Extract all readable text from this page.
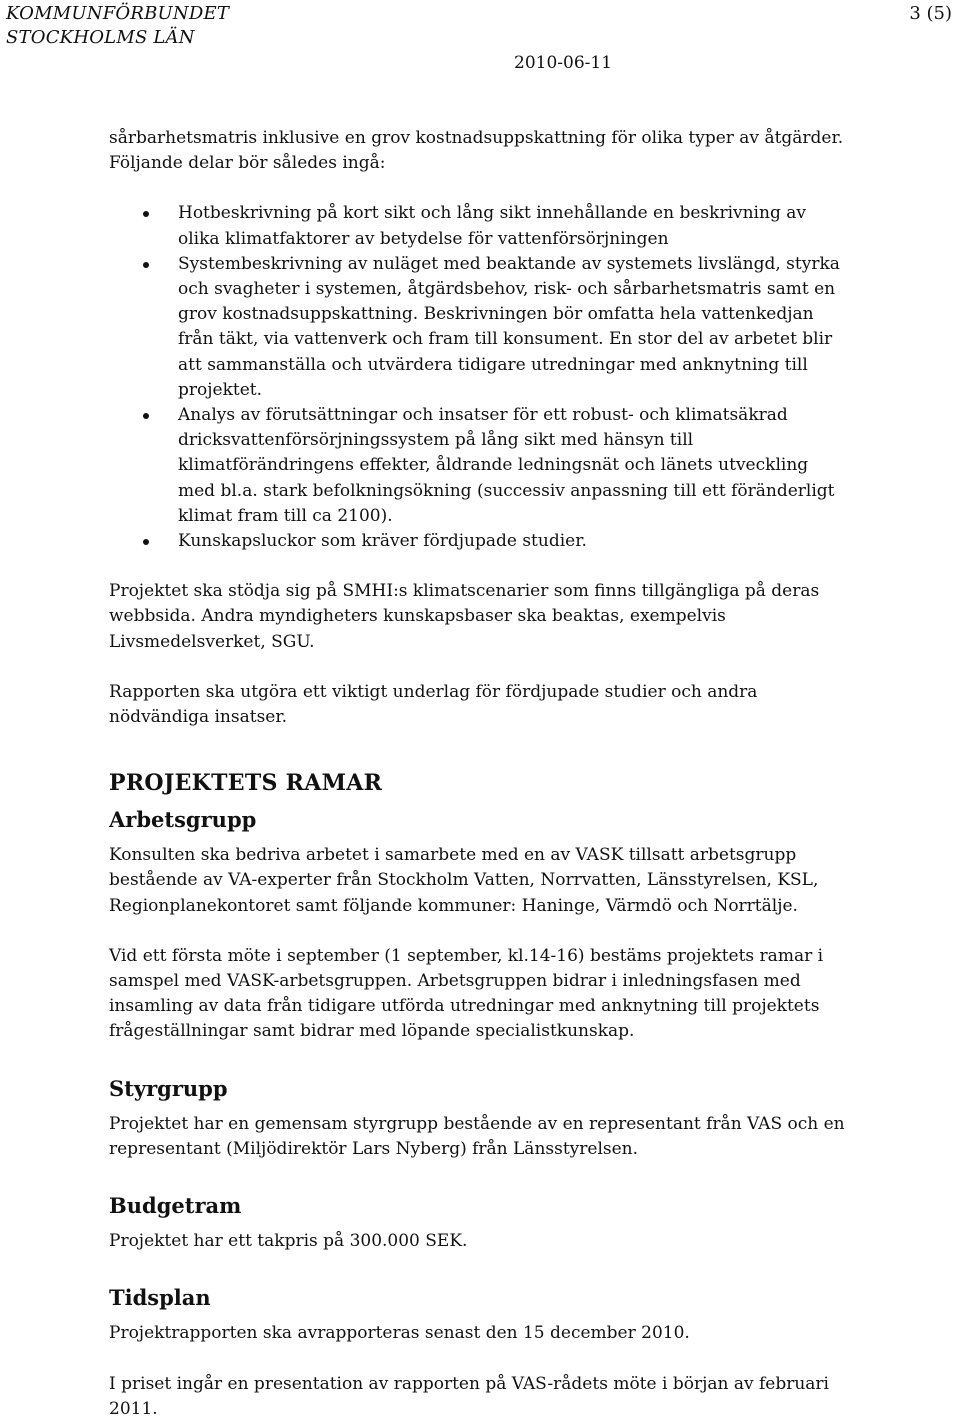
KOMMUNFÖRBUNDET
STOCKHOLMS LÄN
3 (5)
2010-06-11

sårbarhetsmatris inklusive en grov kostnadsuppskattning för olika typer av åtgärder.

Följande delar bör således ingå:

Hotbeskrivning på kort sikt och lång sikt innehållande en beskrivning av olika klimatfaktorer av betydelse för vattenförsörjningen
Systembeskrivning av nuläget med beaktande av systemets livslängd, styrka och svagheter i systemen, åtgärdsbehov, risk- och sårbarhetsmatris samt en grov kostnadsuppskattning. Beskrivningen bör omfatta hela vattenkedjan från täkt, via vattenverk och fram till konsument. En stor del av arbetet blir att sammanställa och utvärdera tidigare utredningar med anknytning till projektet.
Analys av förutsättningar och insatser för ett robust- och klimatsäkrad dricksvattenförsörjningssystem på lång sikt med hänsyn till klimatförändringens effekter, åldrande ledningsnät och länets utveckling med bl.a. stark befolkningsökning (successiv anpassning till ett föränderligt klimat fram till ca 2100).
Kunskapsluckor som kräver fördjupade studier.

Projektet ska stödja sig på SMHI:s klimatscenarier som finns tillgängliga på deras webbsida. Andra myndigheters kunskapsbaser ska beaktas, exempelvis Livsmedelsverket, SGU.

Rapporten ska utgöra ett viktigt underlag för fördjupade studier och andra nödvändiga insatser.

PROJEKTETS RAMAR
Arbetsgrupp

Konsulten ska bedriva arbetet i samarbete med en av VASK tillsatt arbetsgrupp bestående av VA-experter från Stockholm Vatten, Norrvatten, Länsstyrelsen, KSL, Regionplanekontoret samt följande kommuner: Haninge, Värmdö och Norrtälje.

Vid ett första möte i september (1 september, kl.14-16) bestäms projektets ramar i samspel med VASK-arbetsgruppen. Arbetsgruppen bidrar i inledningsfasen med insamling av data från tidigare utförda utredningar med anknytning till projektets frågeställningar samt bidrar med löpande specialistkunskap.

Styrgrupp

Projektet har en gemensam styrgrupp bestående av en representant från VAS och en representant (Miljödirektör Lars Nyberg) från Länsstyrelsen.

Budgetram

Projektet har ett takpris på 300.000 SEK.

Tidsplan

Projektrapporten ska avrapporteras senast den 15 december 2010.

I priset ingår en presentation av rapporten på VAS-rådets möte i början av februari 2011.
